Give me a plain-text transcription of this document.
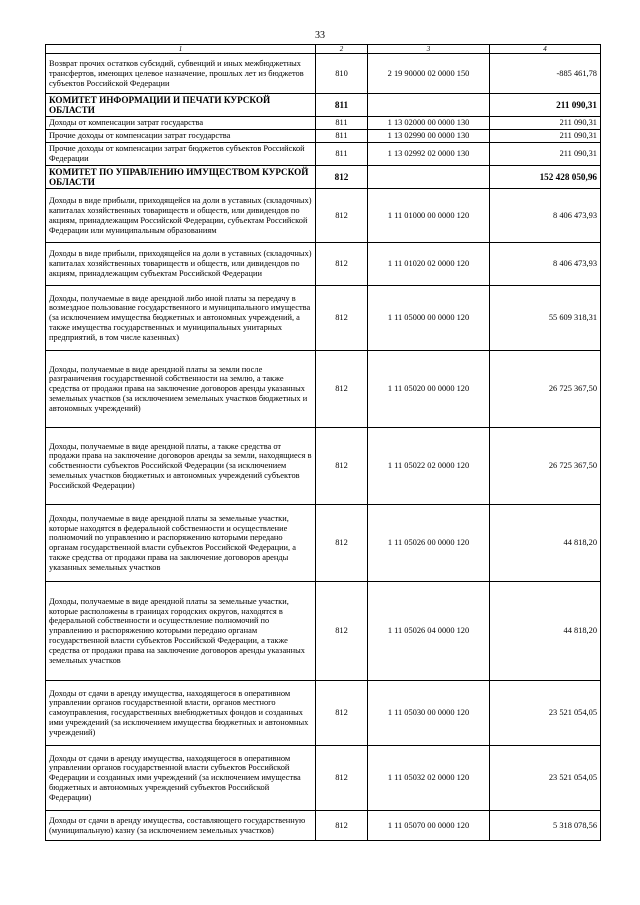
33
1	2	3	4
Возврат прочих остатков субсидий, субвенций и иных межбюджетных трансфертов, имеющих целевое назначение, прошлых лет из бюджетов субъектов Российской Федерации	810	2 19 90000 02 0000 150	-885 461,78
КОМИТЕТ ИНФОРМАЦИИ И ПЕЧАТИ КУРСКОЙ ОБЛАСТИ	811		211 090,31
Доходы от компенсации затрат государства	811	1 13 02000 00 0000 130	211 090,31
Прочие доходы от компенсации затрат государства	811	1 13 02990 00 0000 130	211 090,31
Прочие доходы от компенсации затрат бюджетов субъектов Российской Федерации	811	1 13 02992 02 0000 130	211 090,31
КОМИТЕТ ПО УПРАВЛЕНИЮ ИМУЩЕСТВОМ КУРСКОЙ ОБЛАСТИ	812		152 428 050,96
Доходы в виде прибыли, приходящейся на доли в уставных (складочных) капиталах хозяйственных товариществ и обществ, или дивидендов по акциям, принадлежащим Российской Федерации, субъектам Российской Федерации или муниципальным образованиям	812	1 11 01000 00 0000 120	8 406 473,93
Доходы в виде прибыли, приходящейся на доли в уставных (складочных) капиталах хозяйственных товариществ и обществ, или дивидендов по акциям, принадлежащим субъектам Российской Федерации	812	1 11 01020 02 0000 120	8 406 473,93
Доходы, получаемые в виде арендной либо иной платы за передачу в возмездное пользование государственного и муниципального имущества (за исключением имущества бюджетных и автономных учреждений, а также имущества государственных и муниципальных унитарных предприятий, в том числе казенных)	812	1 11 05000 00 0000 120	55 609 318,31
Доходы, получаемые в виде арендной платы за земли после разграничения государственной собственности на землю, а также средства от продажи права на заключение договоров аренды указанных земельных участков (за исключением земельных участков бюджетных и автономных учреждений)	812	1 11 05020 00 0000 120	26 725 367,50
Доходы, получаемые в виде арендной платы, а также средства от продажи права на заключение договоров аренды за земли, находящиеся в собственности субъектов Российской Федерации (за исключением земельных участков бюджетных и автономных учреждений субъектов Российской Федерации)	812	1 11 05022 02 0000 120	26 725 367,50
Доходы, получаемые в виде арендной платы за земельные участки, которые находятся в федеральной собственности и осуществление полномочий по управлению и распоряжению которыми передано органам государственной власти субъектов Российской Федерации, а также средства от продажи права на заключение договоров аренды указанных земельных участков	812	1 11 05026 00 0000 120	44 818,20
Доходы, получаемые в виде арендной платы за земельные участки, которые расположены в границах городских округов, находятся в федеральной собственности и осуществление полномочий по управлению и распоряжению которыми передано органам государственной власти субъектов Российской Федерации, а также средства от продажи права на заключение договоров аренды указанных земельных участков	812	1 11 05026 04 0000 120	44 818,20
Доходы от сдачи в аренду имущества, находящегося в оперативном управлении органов государственной власти, органов местного самоуправления, государственных внебюджетных фондов и созданных ими учреждений (за исключением имущества бюджетных и автономных учреждений)	812	1 11 05030 00 0000 120	23 521 054,05
Доходы от сдачи в аренду имущества, находящегося в оперативном управлении органов государственной власти субъектов Российской Федерации и созданных ими учреждений (за исключением имущества бюджетных и автономных учреждений субъектов Российской Федерации)	812	1 11 05032 02 0000 120	23 521 054,05
Доходы от сдачи в аренду имущества, составляющего государственную (муниципальную) казну (за исключением земельных участков)	812	1 11 05070 00 0000 120	5 318 078,56
